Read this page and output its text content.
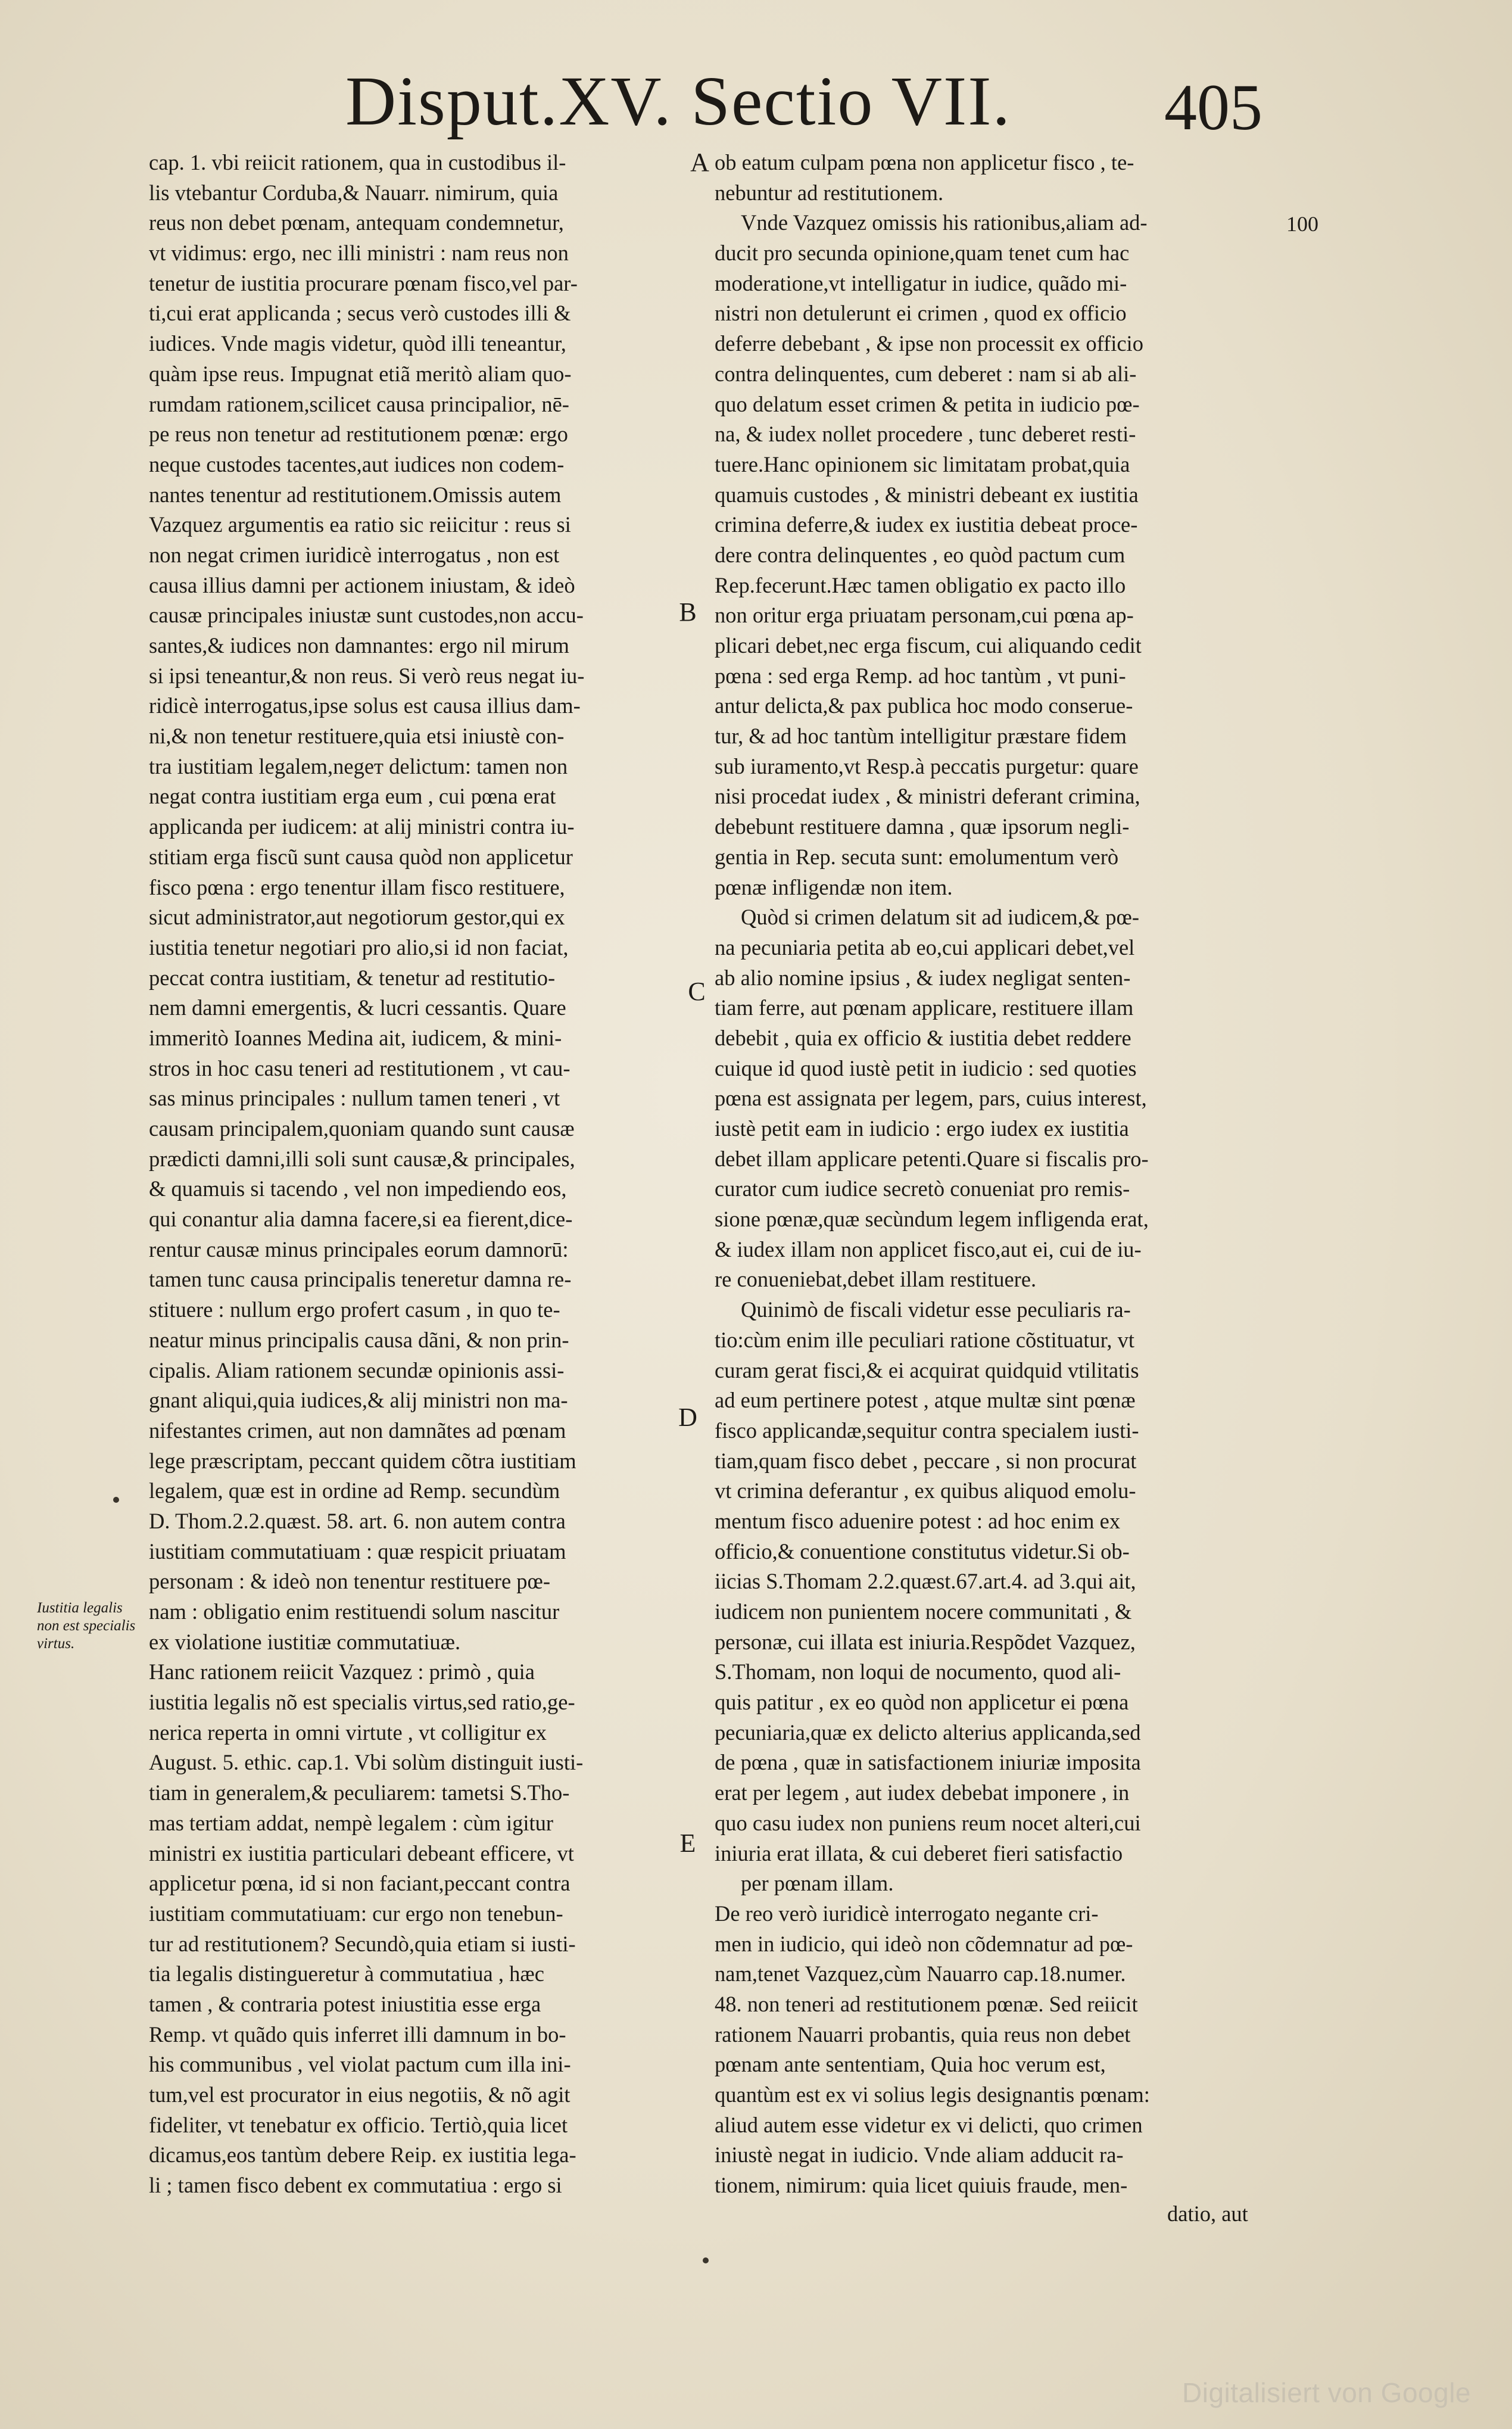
Disput.XV. Sectio VII. 405
100
cap. 1. vbi reiicit rationem, qua in custodibus il-
lis vtebantur Corduba,& Nauarr. nimirum, quia
reus non debet pœnam, antequam condemnetur,
vt vidimus: ergo, nec illi ministri : nam reus non
tenetur de iustitia procurare pœnam fisco,vel par-
ti,cui erat applicanda ; secus verò custodes illi &
iudices. Vnde magis videtur, quòd illi teneantur,
quàm ipse reus. Impugnat etiã meritò aliam quo-
rumdam rationem,scilicet causa principalior, nē-
pe reus non tenetur ad restitutionem pœnæ: ergo
neque custodes tacentes,aut iudices non codem-
nantes tenentur ad restitutionem.Omissis autem
Vazquez argumentis ea ratio sic reiicitur : reus si
non negat crimen iuridicè interrogatus , non est
causa illius damni per actionem iniustam, & ideò
causæ principales iniustæ sunt custodes,non accu-
santes,& iudices non damnantes: ergo nil mirum
si ipsi teneantur,& non reus. Si verò reus negat iu-
ridicè interrogatus,ipse solus est causa illius dam-
ni,& non tenetur restituere,quia etsi iniustè con-
tra iustitiam legalem,negeт delictum: tamen non
negat contra iustitiam erga eum , cui pœna erat
applicanda per iudicem: at alij ministri contra iu-
stitiam erga fiscũ sunt causa quòd non applicetur
fisco pœna : ergo tenentur illam fisco restituere,
sicut administrator,aut negotiorum gestor,qui ex
iustitia tenetur negotiari pro alio,si id non faciat,
peccat contra iustitiam, & tenetur ad restitutio-
nem damni emergentis, & lucri cessantis. Quare
immeritò Ioannes Medina ait, iudicem, & mini-
stros in hoc casu teneri ad restitutionem , vt cau-
sas minus principales : nullum tamen teneri , vt
causam principalem,quoniam quando sunt causæ
prædicti damni,illi soli sunt causæ,& principales,
& quamuis si tacendo , vel non impediendo eos,
qui conantur alia damna facere,si ea fierent,dice-
rentur causæ minus principales eorum damnorū:
tamen tunc causa principalis teneretur damna re-
stituere : nullum ergo profert casum , in quo te-
neatur minus principalis causa dãni, & non prin-
cipalis. Aliam rationem secundæ opinionis assi-
gnant aliqui,quia iudices,& alij ministri non ma-
nifestantes crimen, aut non damnãtes ad pœnam
lege præscriptam, peccant quidem cõtra iustitiam
legalem, quæ est in ordine ad Remp. secundùm
D. Thom.2.2.quæst. 58. art. 6. non autem contra
iustitiam commutatiuam : quæ respicit priuatam
personam : & ideò non tenentur restituere pœ-
nam : obligatio enim restituendi solum nascitur
ex violatione iustitiæ commutatiuæ.
Hanc rationem reiicit Vazquez : primò , quia
iustitia legalis nõ est specialis virtus,sed ratio,ge-
nerica reperta in omni virtute , vt colligitur ex
August. 5. ethic. cap.1. Vbi solùm distinguit iusti-
tiam in generalem,& peculiarem: tametsi S.Tho-
mas tertiam addat, nempè legalem : cùm igitur
ministri ex iustitia particulari debeant efficere, vt
applicetur pœna, id si non faciant,peccant contra
iustitiam commutatiuam: cur ergo non tenebun-
tur ad restitutionem? Secundò,quia etiam si iusti-
tia legalis distingueretur à commutatiua , hæc
tamen , & contraria potest iniustitia esse erga
Remp. vt quãdo quis inferret illi damnum in bo-
his communibus , vel violat pactum cum illa ini-
tum,vel est procurator in eius negotiis, & nõ agit
fideliter, vt tenebatur ex officio. Tertiò,quia licet
dicamus,eos tantùm debere Reip. ex iustitia lega-
li ; tamen fisco debent ex commutatiua : ergo si
ob eatum culpam pœna non applicetur fisco , te-
nebuntur ad restitutionem.
Vnde Vazquez omissis his rationibus,aliam ad-
ducit pro secunda opinione,quam tenet cum hac
moderatione,vt intelligatur in iudice, quãdo mi-
nistri non detulerunt ei crimen , quod ex officio
deferre debebant , & ipse non processit ex officio
contra delinquentes, cum deberet : nam si ab ali-
quo delatum esset crimen & petita in iudicio pœ-
na, & iudex nollet procedere , tunc deberet resti-
tuere.Hanc opinionem sic limitatam probat,quia
quamuis custodes , & ministri debeant ex iustitia
crimina deferre,& iudex ex iustitia debeat proce-
dere contra delinquentes , eo quòd pactum cum
Rep.fecerunt.Hæc tamen obligatio ex pacto illo
non oritur erga priuatam personam,cui pœna ap-
plicari debet,nec erga fiscum, cui aliquando cedit
pœna : sed erga Remp. ad hoc tantùm , vt puni-
antur delicta,& pax publica hoc modo conserue-
tur, & ad hoc tantùm intelligitur præstare fidem
sub iuramento,vt Resp.à peccatis purgetur: quare
nisi procedat iudex , & ministri deferant crimina,
debebunt restituere damna , quæ ipsorum negli-
gentia in Rep. secuta sunt: emolumentum verò
pœnæ infligendæ non item.
Quòd si crimen delatum sit ad iudicem,& pœ-
na pecuniaria petita ab eo,cui applicari debet,vel
ab alio nomine ipsius , & iudex negligat senten-
tiam ferre, aut pœnam applicare, restituere illam
debebit , quia ex officio & iustitia debet reddere
cuique id quod iustè petit in iudicio : sed quoties
pœna est assignata per legem, pars, cuius interest,
iustè petit eam in iudicio : ergo iudex ex iustitia
debet illam applicare petenti.Quare si fiscalis pro-
curator cum iudice secretò conueniat pro remis-
sione pœnæ,quæ secùndum legem infligenda erat,
& iudex illam non applicet fisco,aut ei, cui de iu-
re conueniebat,debet illam restituere.
Quinimò de fiscali videtur esse peculiaris ra-
tio:cùm enim ille peculiari ratione cõstituatur, vt
curam gerat fisci,& ei acquirat quidquid vtilitatis
ad eum pertinere potest , atque multæ sint pœnæ
fisco applicandæ,sequitur contra specialem iusti-
tiam,quam fisco debet , peccare , si non procurat
vt crimina deferantur , ex quibus aliquod emolu-
mentum fisco aduenire potest : ad hoc enim ex
officio,& conuentione constitutus videtur.Si ob-
iicias S.Thomam 2.2.quæst.67.art.4. ad 3.qui ait,
iudicem non punientem nocere communitati , &
personæ, cui illata est iniuria.Respõdet Vazquez,
S.Thomam, non loqui de nocumento, quod ali-
quis patitur , ex eo quòd non applicetur ei pœna
pecuniaria,quæ ex delicto alterius applicanda,sed
de pœna , quæ in satisfactionem iniuriæ imposita
erat per legem , aut iudex debebat imponere , in
quo casu iudex non puniens reum nocet alteri,cui
iniuria erat illata, & cui deberet fieri satisfactio
per pœnam illam.
De reo verò iuridicè interrogato negante cri-
men in iudicio, qui ideò non cõdemnatur ad pœ-
nam,tenet Vazquez,cùm Nauarro cap.18.numer.
48. non teneri ad restitutionem pœnæ. Sed reiicit
rationem Nauarri probantis, quia reus non debet
pœnam ante sententiam, Quia hoc verum est,
quantùm est ex vi solius legis designantis pœnam:
aliud autem esse videtur ex vi delicti, quo crimen
iniustè negat in iudicio. Vnde aliam adducit ra-
tionem, nimirum: quia licet quiuis fraude, men-
A
B
C
D
E
Iustitia legalis non est specialis virtus.
datio, aut
Digitalisiert von Google
